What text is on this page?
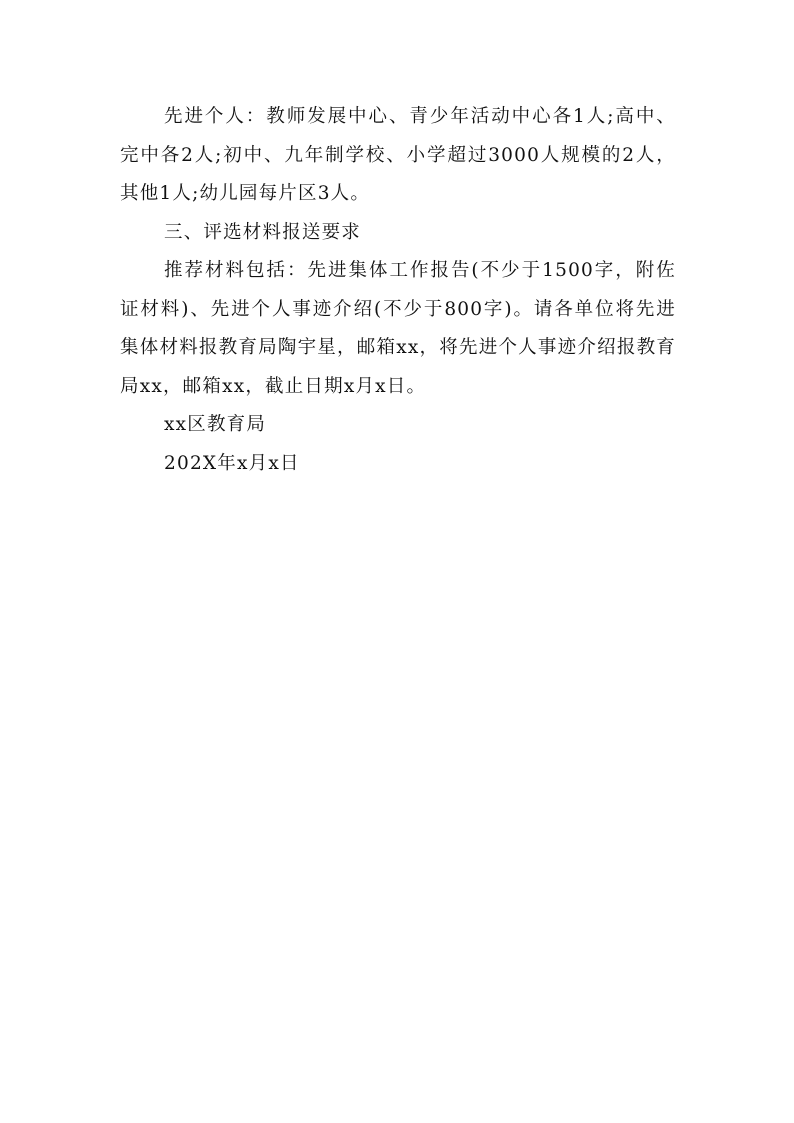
先进个人：教师发展中心、青少年活动中心各1人;高中、完中各2人;初中、九年制学校、小学超过3000人规模的2人，其他1人;幼儿园每片区3人。

三、评选材料报送要求

推荐材料包括：先进集体工作报告(不少于1500字，附佐证材料)、先进个人事迹介绍(不少于800字)。请各单位将先进集体材料报教育局陶宇星，邮箱xx，将先进个人事迹介绍报教育局xx，邮箱xx，截止日期x月x日。

xx区教育局

202X年x月x日
